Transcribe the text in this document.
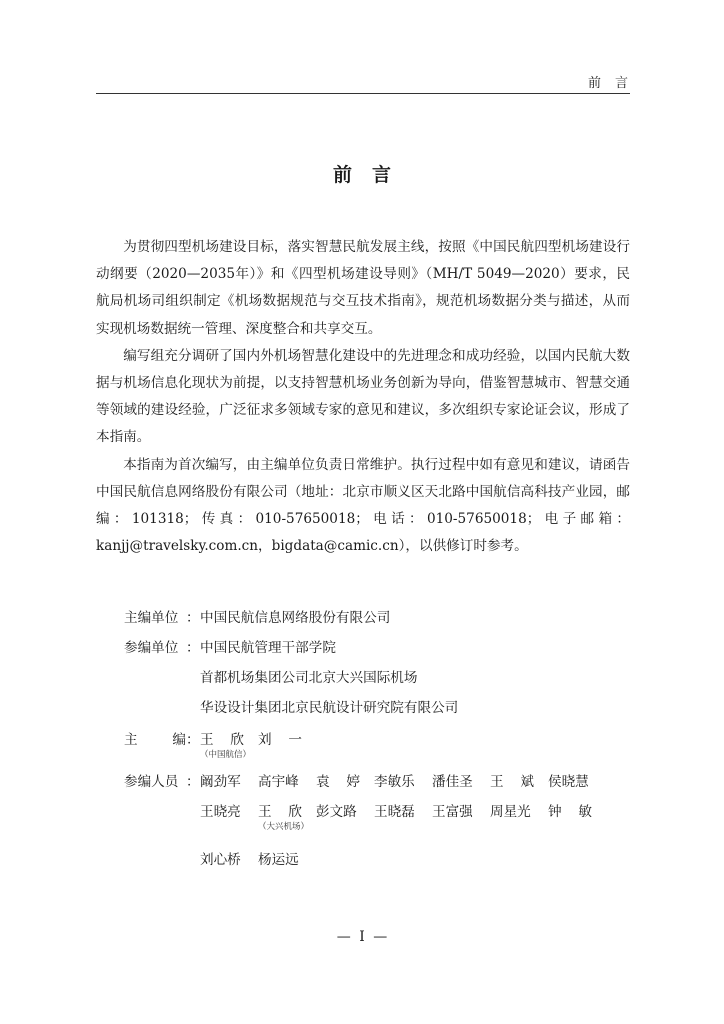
前言
前言

为贯彻四型机场建设目标，落实智慧民航发展主线，按照《中国民航四型机场建设行动纲要（2020—2035年）》和《四型机场建设导则》（MH/T 5049—2020）要求，民航局机场司组织制定《机场数据规范与交互技术指南》，规范机场数据分类与描述，从而实现机场数据统一管理、深度整合和共享交互。

编写组充分调研了国内外机场智慧化建设中的先进理念和成功经验，以国内民航大数据与机场信息化现状为前提，以支持智慧机场业务创新为导向，借鉴智慧城市、智慧交通等领域的建设经验，广泛征求多领域专家的意见和建议，多次组织专家论证会议，形成了本指南。

本指南为首次编写，由主编单位负责日常维护。执行过程中如有意见和建议，请函告中国民航信息网络股份有限公司（地址：北京市顺义区天北路中国航信高科技产业园，邮编：101318；传真：010-57650018；电话：010-57650018；电子邮箱：kanjj@travelsky.com.cn，bigdata@camic.cn），以供修订时参考。

主编单位 ： 中国民航信息网络股份有限公司
参编单位 ： 中国民航管理干部学院
首都机场集团公司北京大兴国际机场
华设设计集团北京民航设计研究院有限公司
主	编 ： 王 欣 刘 一
（中国航信）
参编人员 ： 阚劲军 高宇峰 袁 婷 李敏乐 潘佳圣 王 斌 侯晓慧
王晓亮 王 欣 彭文路 王晓磊 王富强 周星光 钟 敏
（大兴机场）
刘心桥 杨运远
— I —
